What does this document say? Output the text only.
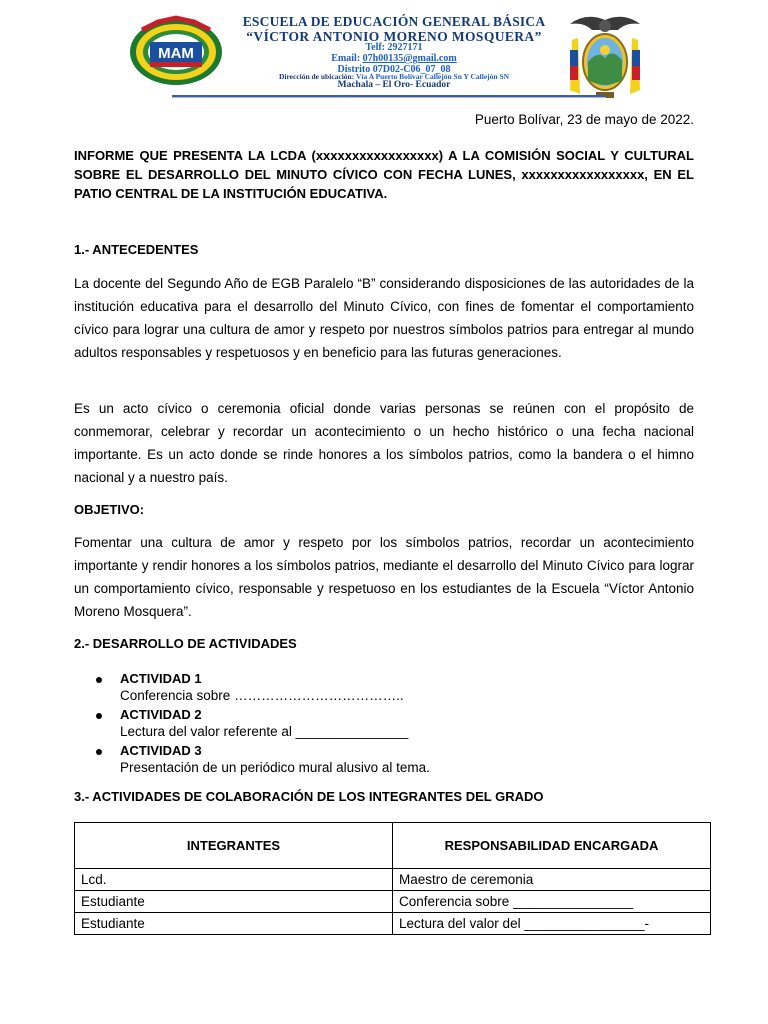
MAM
ESCUELA DE EDUCACIÓN GENERAL BÁSICA
“VÍCTOR ANTONIO MORENO MOSQUERA”
Telf: 2927171
Email: 07h00135@gmail.com
Distrito 07D02-C06_07_08
Dirección de ubicación: Vía A Puerto Bolívar Callejón Sn Y Callejón SN
Machala – El Oro- Ecuador
Puerto Bolívar, 23 de mayo de 2022.
INFORME QUE PRESENTA LA LCDA (xxxxxxxxxxxxxxxxx) A LA COMISIÓN SOCIAL Y CULTURAL SOBRE EL DESARROLLO DEL MINUTO CÍVICO CON FECHA LUNES, xxxxxxxxxxxxxxxxx, EN EL PATIO CENTRAL DE LA INSTITUCIÓN EDUCATIVA.
1.- ANTECEDENTES
La docente del Segundo Año de EGB Paralelo “B” considerando disposiciones de las autoridades de la institución educativa para el desarrollo del Minuto Cívico, con fines de fomentar el comportamiento cívico para lograr una cultura de amor y respeto por nuestros símbolos patrios para entregar al mundo adultos responsables y respetuosos y en beneficio para las futuras generaciones.
Es un acto cívico o ceremonia oficial donde varias personas se reúnen con el propósito de conmemorar, celebrar y recordar un acontecimiento o un hecho histórico o una fecha nacional importante. Es un acto donde se rinde honores a los símbolos patrios, como la bandera o el himno nacional y a nuestro país.
OBJETIVO:
Fomentar una cultura de amor y respeto por los símbolos patrios, recordar un acontecimiento importante y rendir honores a los símbolos patrios, mediante el desarrollo del Minuto Cívico para lograr un comportamiento cívico, responsable y respetuoso en los estudiantes de la Escuela “Víctor Antonio Moreno Mosquera”.
2.- DESARROLLO DE ACTIVIDADES
ACTIVIDAD 1
Conferencia sobre ………………………………..
ACTIVIDAD 2
Lectura del valor referente al _______________
ACTIVIDAD 3
Presentación de un periódico mural alusivo al tema.
3.- ACTIVIDADES DE COLABORACIÓN DE LOS INTEGRANTES DEL GRADO
INTEGRANTES	RESPONSABILIDAD ENCARGADA
Lcd.	Maestro de ceremonia
Estudiante	Conferencia sobre ________________
Estudiante	Lectura del valor del ________________-
